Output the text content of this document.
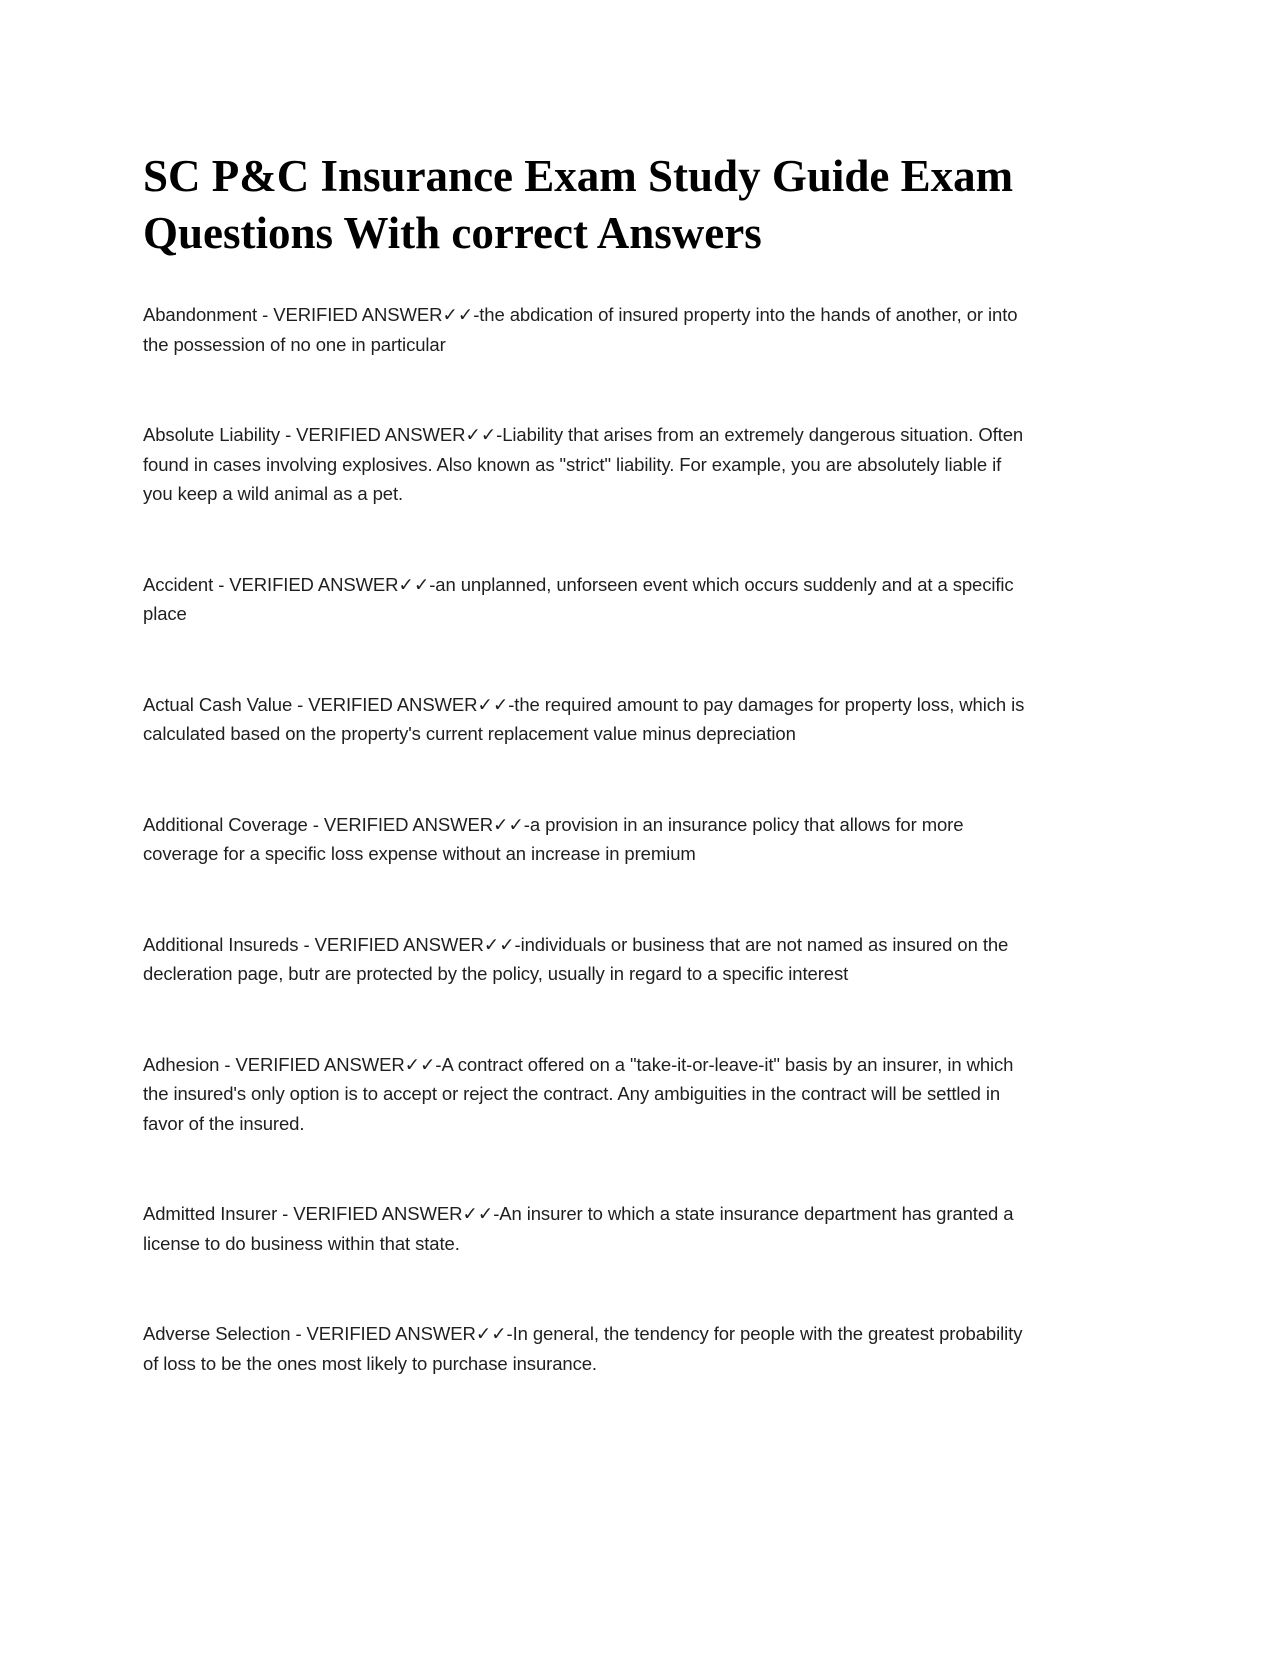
SC P&C Insurance Exam Study Guide Exam Questions With correct Answers

Abandonment - VERIFIED ANSWER✓✓-the abdication of insured property into the hands of another, or into the possession of no one in particular

Absolute Liability - VERIFIED ANSWER✓✓-Liability that arises from an extremely dangerous situation. Often found in cases involving explosives. Also known as "strict" liability. For example, you are absolutely liable if you keep a wild animal as a pet.

Accident - VERIFIED ANSWER✓✓-an unplanned, unforseen event which occurs suddenly and at a specific place

Actual Cash Value - VERIFIED ANSWER✓✓-the required amount to pay damages for property loss, which is calculated based on the property's current replacement value minus depreciation

Additional Coverage - VERIFIED ANSWER✓✓-a provision in an insurance policy that allows for more coverage for a specific loss expense without an increase in premium

Additional Insureds - VERIFIED ANSWER✓✓-individuals or business that are not named as insured on the decleration page, butr are protected by the policy, usually in regard to a specific interest

Adhesion - VERIFIED ANSWER✓✓-A contract offered on a "take-it-or-leave-it" basis by an insurer, in which the insured's only option is to accept or reject the contract. Any ambiguities in the contract will be settled in favor of the insured.

Admitted Insurer - VERIFIED ANSWER✓✓-An insurer to which a state insurance department has granted a license to do business within that state.

Adverse Selection - VERIFIED ANSWER✓✓-In general, the tendency for people with the greatest probability of loss to be the ones most likely to purchase insurance.
